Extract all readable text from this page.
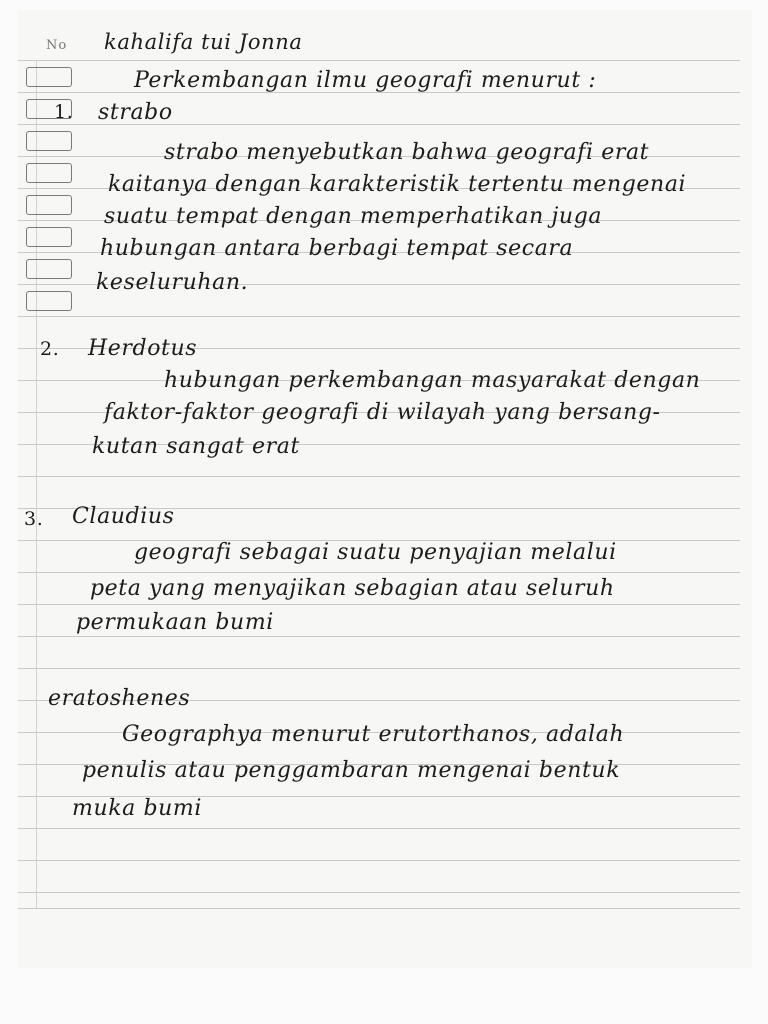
No kahalifa tui Jonna
Perkembangan ilmu geografi menurut :
1. strabo
strabo menyebutkan bahwa geografi erat
kaitanya dengan karakteristik tertentu mengenai
suatu tempat dengan memperhatikan juga
hubungan antara berbagi tempat secara
keseluruhan.
2. Herdotus
hubungan perkembangan masyarakat dengan
faktor-faktor geografi di wilayah yang bersang-
kutan sangat erat
3. Claudius
geografi sebagai suatu penyajian melalui
peta yang menyajikan sebagian atau seluruh
permukaan bumi
eratoshenes
Geographya menurut erutorthanos, adalah
penulis atau penggambaran mengenai bentuk
muka bumi
